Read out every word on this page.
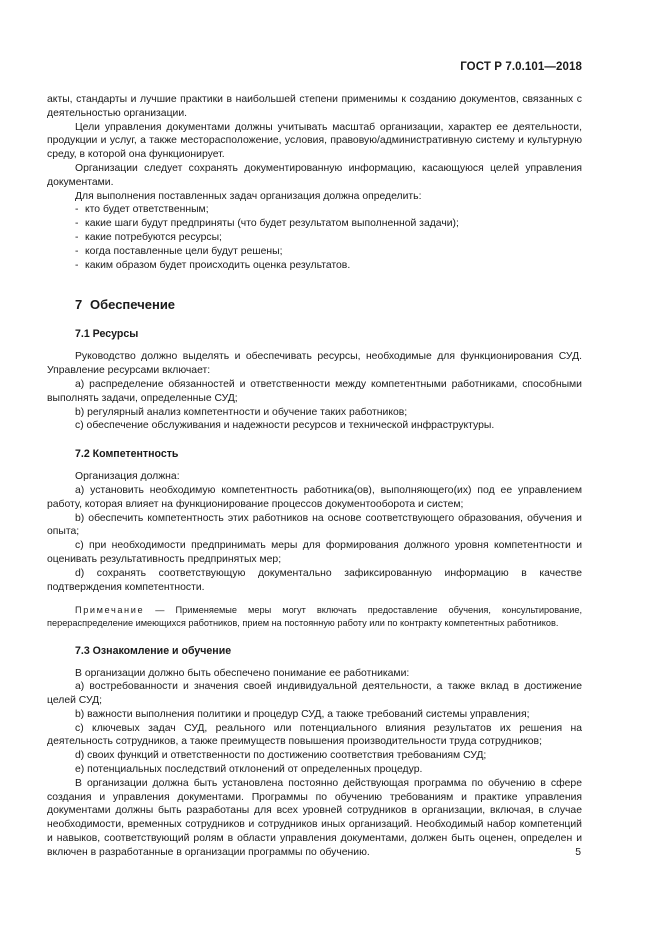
ГОСТ Р 7.0.101—2018

акты, стандарты и лучшие практики в наибольшей степени применимы к созданию документов, связанных с деятельностью организации.

Цели управления документами должны учитывать масштаб организации, характер ее деятельности, продукции и услуг, а также месторасположение, условия, правовую/административную систему и культурную среду, в которой она функционирует.

Организации следует сохранять документированную информацию, касающуюся целей управления документами.

Для выполнения поставленных задач организация должна определить:

- кто будет ответственным;

- какие шаги будут предприняты (что будет результатом выполненной задачи);

- какие потребуются ресурсы;

- когда поставленные цели будут решены;

- каким образом будет происходить оценка результатов.

7 Обеспечение
7.1 Ресурсы

Руководство должно выделять и обеспечивать ресурсы, необходимые для функционирования СУД. Управление ресурсами включает:

a) распределение обязанностей и ответственности между компетентными работниками, способными выполнять задачи, определенные СУД;

b) регулярный анализ компетентности и обучение таких работников;

c) обеспечение обслуживания и надежности ресурсов и технической инфраструктуры.

7.2 Компетентность

Организация должна:

a) установить необходимую компетентность работника(ов), выполняющего(их) под ее управлением работу, которая влияет на функционирование процессов документооборота и систем;

b) обеспечить компетентность этих работников на основе соответствующего образования, обучения и опыта;

c) при необходимости предпринимать меры для формирования должного уровня компетентности и оценивать результативность предпринятых мер;

d) сохранять соответствующую документально зафиксированную информацию в качестве подтверждения компетентности.

Примечание — Применяемые меры могут включать предоставление обучения, консультирование, перераспределение имеющихся работников, прием на постоянную работу или по контракту компетентных работников.

7.3 Ознакомление и обучение

В организации должно быть обеспечено понимание ее работниками:

a) востребованности и значения своей индивидуальной деятельности, а также вклад в достижение целей СУД;

b) важности выполнения политики и процедур СУД, а также требований системы управления;

c) ключевых задач СУД, реального или потенциального влияния результатов их решения на деятельность сотрудников, а также преимуществ повышения производительности труда сотрудников;

d) своих функций и ответственности по достижению соответствия требованиям СУД;

e) потенциальных последствий отклонений от определенных процедур.

В организации должна быть установлена постоянно действующая программа по обучению в сфере создания и управления документами. Программы по обучению требованиям и практике управления документами должны быть разработаны для всех уровней сотрудников в организации, включая, в случае необходимости, временных сотрудников и сотрудников иных организаций. Необходимый набор компетенций и навыков, соответствующий ролям в области управления документами, должен быть оценен, определен и включен в разработанные в организации программы по обучению.	5
